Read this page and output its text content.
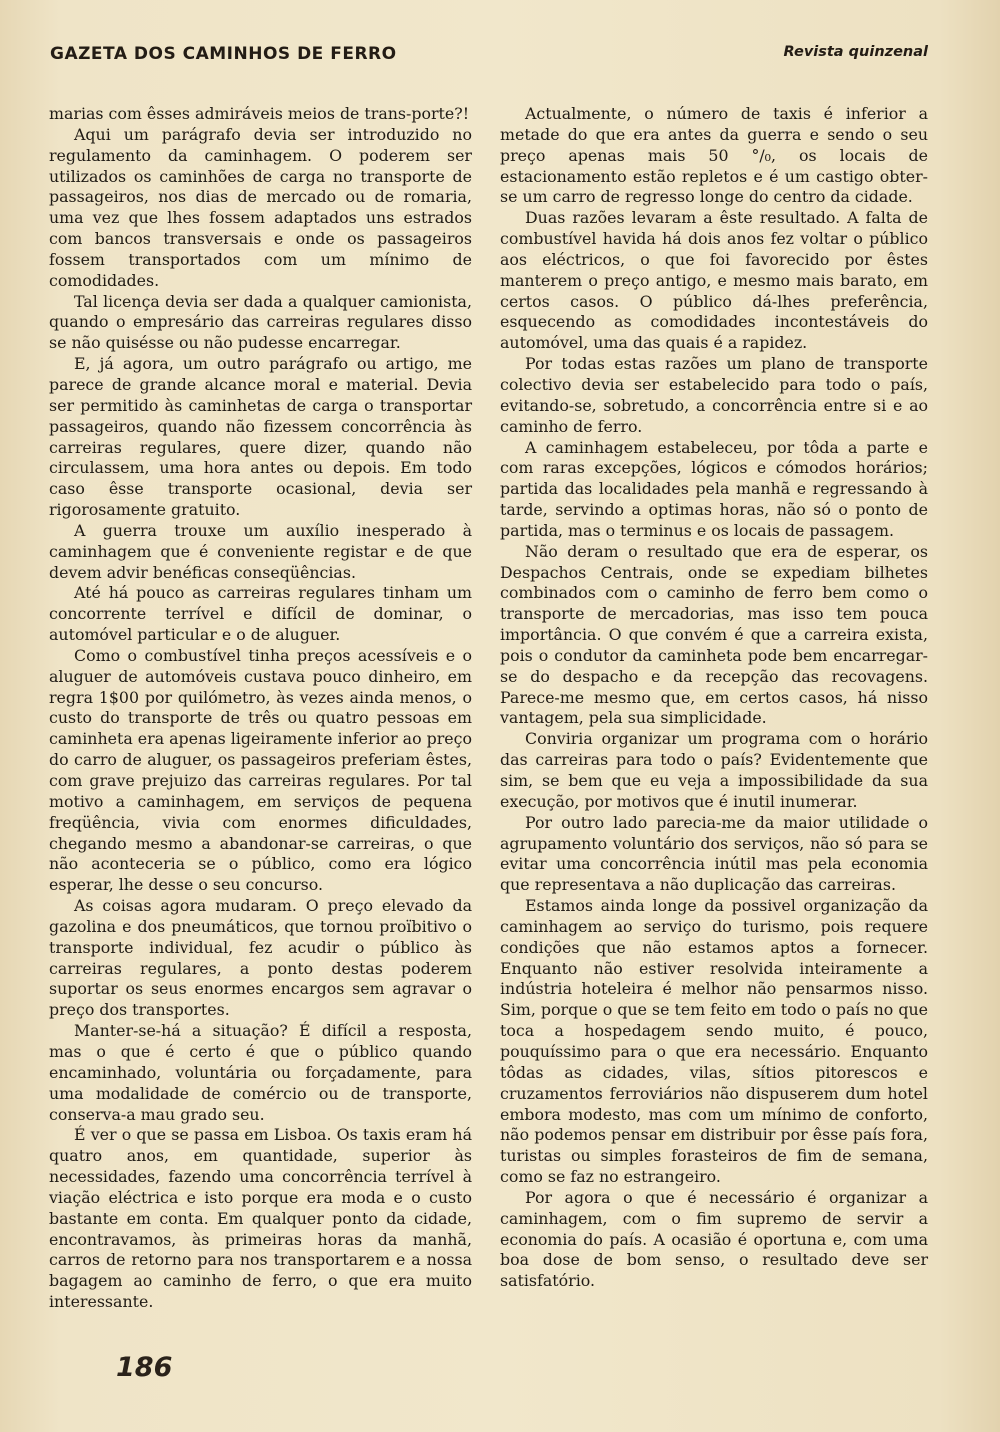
GAZETA DOS CAMINHOS DE FERRO	Revista quinzenal

marias com êsses admiráveis meios de trans-porte?!

Aqui um parágrafo devia ser introduzido no regulamento da caminhagem. O poderem ser utilizados os caminhões de carga no transporte de passageiros, nos dias de mercado ou de romaria, uma vez que lhes fossem adaptados uns estrados com bancos transversais e onde os passageiros fossem transportados com um mínimo de comodidades.

Tal licença devia ser dada a qualquer camionista, quando o empresário das carreiras regulares disso se não quisésse ou não pudesse encarregar.

E, já agora, um outro parágrafo ou artigo, me parece de grande alcance moral e material. Devia ser permitido às caminhetas de carga o transportar passageiros, quando não fizessem concorrência às carreiras regulares, quere dizer, quando não circulassem, uma hora antes ou depois. Em todo caso êsse transporte ocasional, devia ser rigorosamente gratuito.

A guerra trouxe um auxílio inesperado à caminhagem que é conveniente registar e de que devem advir benéficas conseqüências.

Até há pouco as carreiras regulares tinham um concorrente terrível e difícil de dominar, o automóvel particular e o de aluguer.

Como o combustível tinha preços acessíveis e o aluguer de automóveis custava pouco dinheiro, em regra 1$00 por quilómetro, às vezes ainda menos, o custo do transporte de três ou quatro pessoas em caminheta era apenas ligeiramente inferior ao preço do carro de aluguer, os passageiros preferiam êstes, com grave prejuizo das carreiras regulares. Por tal motivo a caminhagem, em serviços de pequena freqüência, vivia com enormes dificuldades, chegando mesmo a abandonar-se carreiras, o que não aconteceria se o público, como era lógico esperar, lhe desse o seu concurso.

As coisas agora mudaram. O preço elevado da gazolina e dos pneumáticos, que tornou proïbitivo o transporte individual, fez acudir o público às carreiras regulares, a ponto destas poderem suportar os seus enormes encargos sem agravar o preço dos transportes.

Manter-se-há a situação? É difícil a resposta, mas o que é certo é que o público quando encaminhado, voluntária ou forçadamente, para uma modalidade de comércio ou de transporte, conserva-a mau grado seu.

É ver o que se passa em Lisboa. Os taxis eram há quatro anos, em quantidade, superior às necessidades, fazendo uma concorrência terrível à viação eléctrica e isto porque era moda e o custo bastante em conta. Em qualquer ponto da cidade, encontravamos, às primeiras horas da manhã, carros de retorno para nos transportarem e a nossa bagagem ao caminho de ferro, o que era muito interessante.

Actualmente, o número de taxis é inferior a metade do que era antes da guerra e sendo o seu preço apenas mais 50 °/₀, os locais de estacionamento estão repletos e é um castigo obter-se um carro de regresso longe do centro da cidade.

Duas razões levaram a êste resultado. A falta de combustível havida há dois anos fez voltar o público aos eléctricos, o que foi favorecido por êstes manterem o preço antigo, e mesmo mais barato, em certos casos. O público dá-lhes preferência, esquecendo as comodidades incontestáveis do automóvel, uma das quais é a rapidez.

Por todas estas razões um plano de transporte colectivo devia ser estabelecido para todo o país, evitando-se, sobretudo, a concorrência entre si e ao caminho de ferro.

A caminhagem estabeleceu, por tôda a parte e com raras excepções, lógicos e cómodos horários; partida das localidades pela manhã e regressando à tarde, servindo a optimas horas, não só o ponto de partida, mas o terminus e os locais de passagem.

Não deram o resultado que era de esperar, os Despachos Centrais, onde se expediam bilhetes combinados com o caminho de ferro bem como o transporte de mercadorias, mas isso tem pouca importância. O que convém é que a carreira exista, pois o condutor da caminheta pode bem encarregar-se do despacho e da recepção das recovagens. Parece-me mesmo que, em certos casos, há nisso vantagem, pela sua simplicidade.

Conviria organizar um programa com o horário das carreiras para todo o país? Evidentemente que sim, se bem que eu veja a impossibilidade da sua execução, por motivos que é inutil inumerar.

Por outro lado parecia-me da maior utilidade o agrupamento voluntário dos serviços, não só para se evitar uma concorrência inútil mas pela economia que representava a não duplicação das carreiras.

Estamos ainda longe da possivel organização da caminhagem ao serviço do turismo, pois requere condições que não estamos aptos a fornecer. Enquanto não estiver resolvida inteiramente a indústria hoteleira é melhor não pensarmos nisso. Sim, porque o que se tem feito em todo o país no que toca a hospedagem sendo muito, é pouco, pouquíssimo para o que era necessário. Enquanto tôdas as cidades, vilas, sítios pitorescos e cruzamentos ferroviários não dispuserem dum hotel embora modesto, mas com um mínimo de conforto, não podemos pensar em distribuir por êsse país fora, turistas ou simples forasteiros de fim de semana, como se faz no estrangeiro.

Por agora o que é necessário é organizar a caminhagem, com o fim supremo de servir a economia do país. A ocasião é oportuna e, com uma boa dose de bom senso, o resultado deve ser satisfatório.

186
